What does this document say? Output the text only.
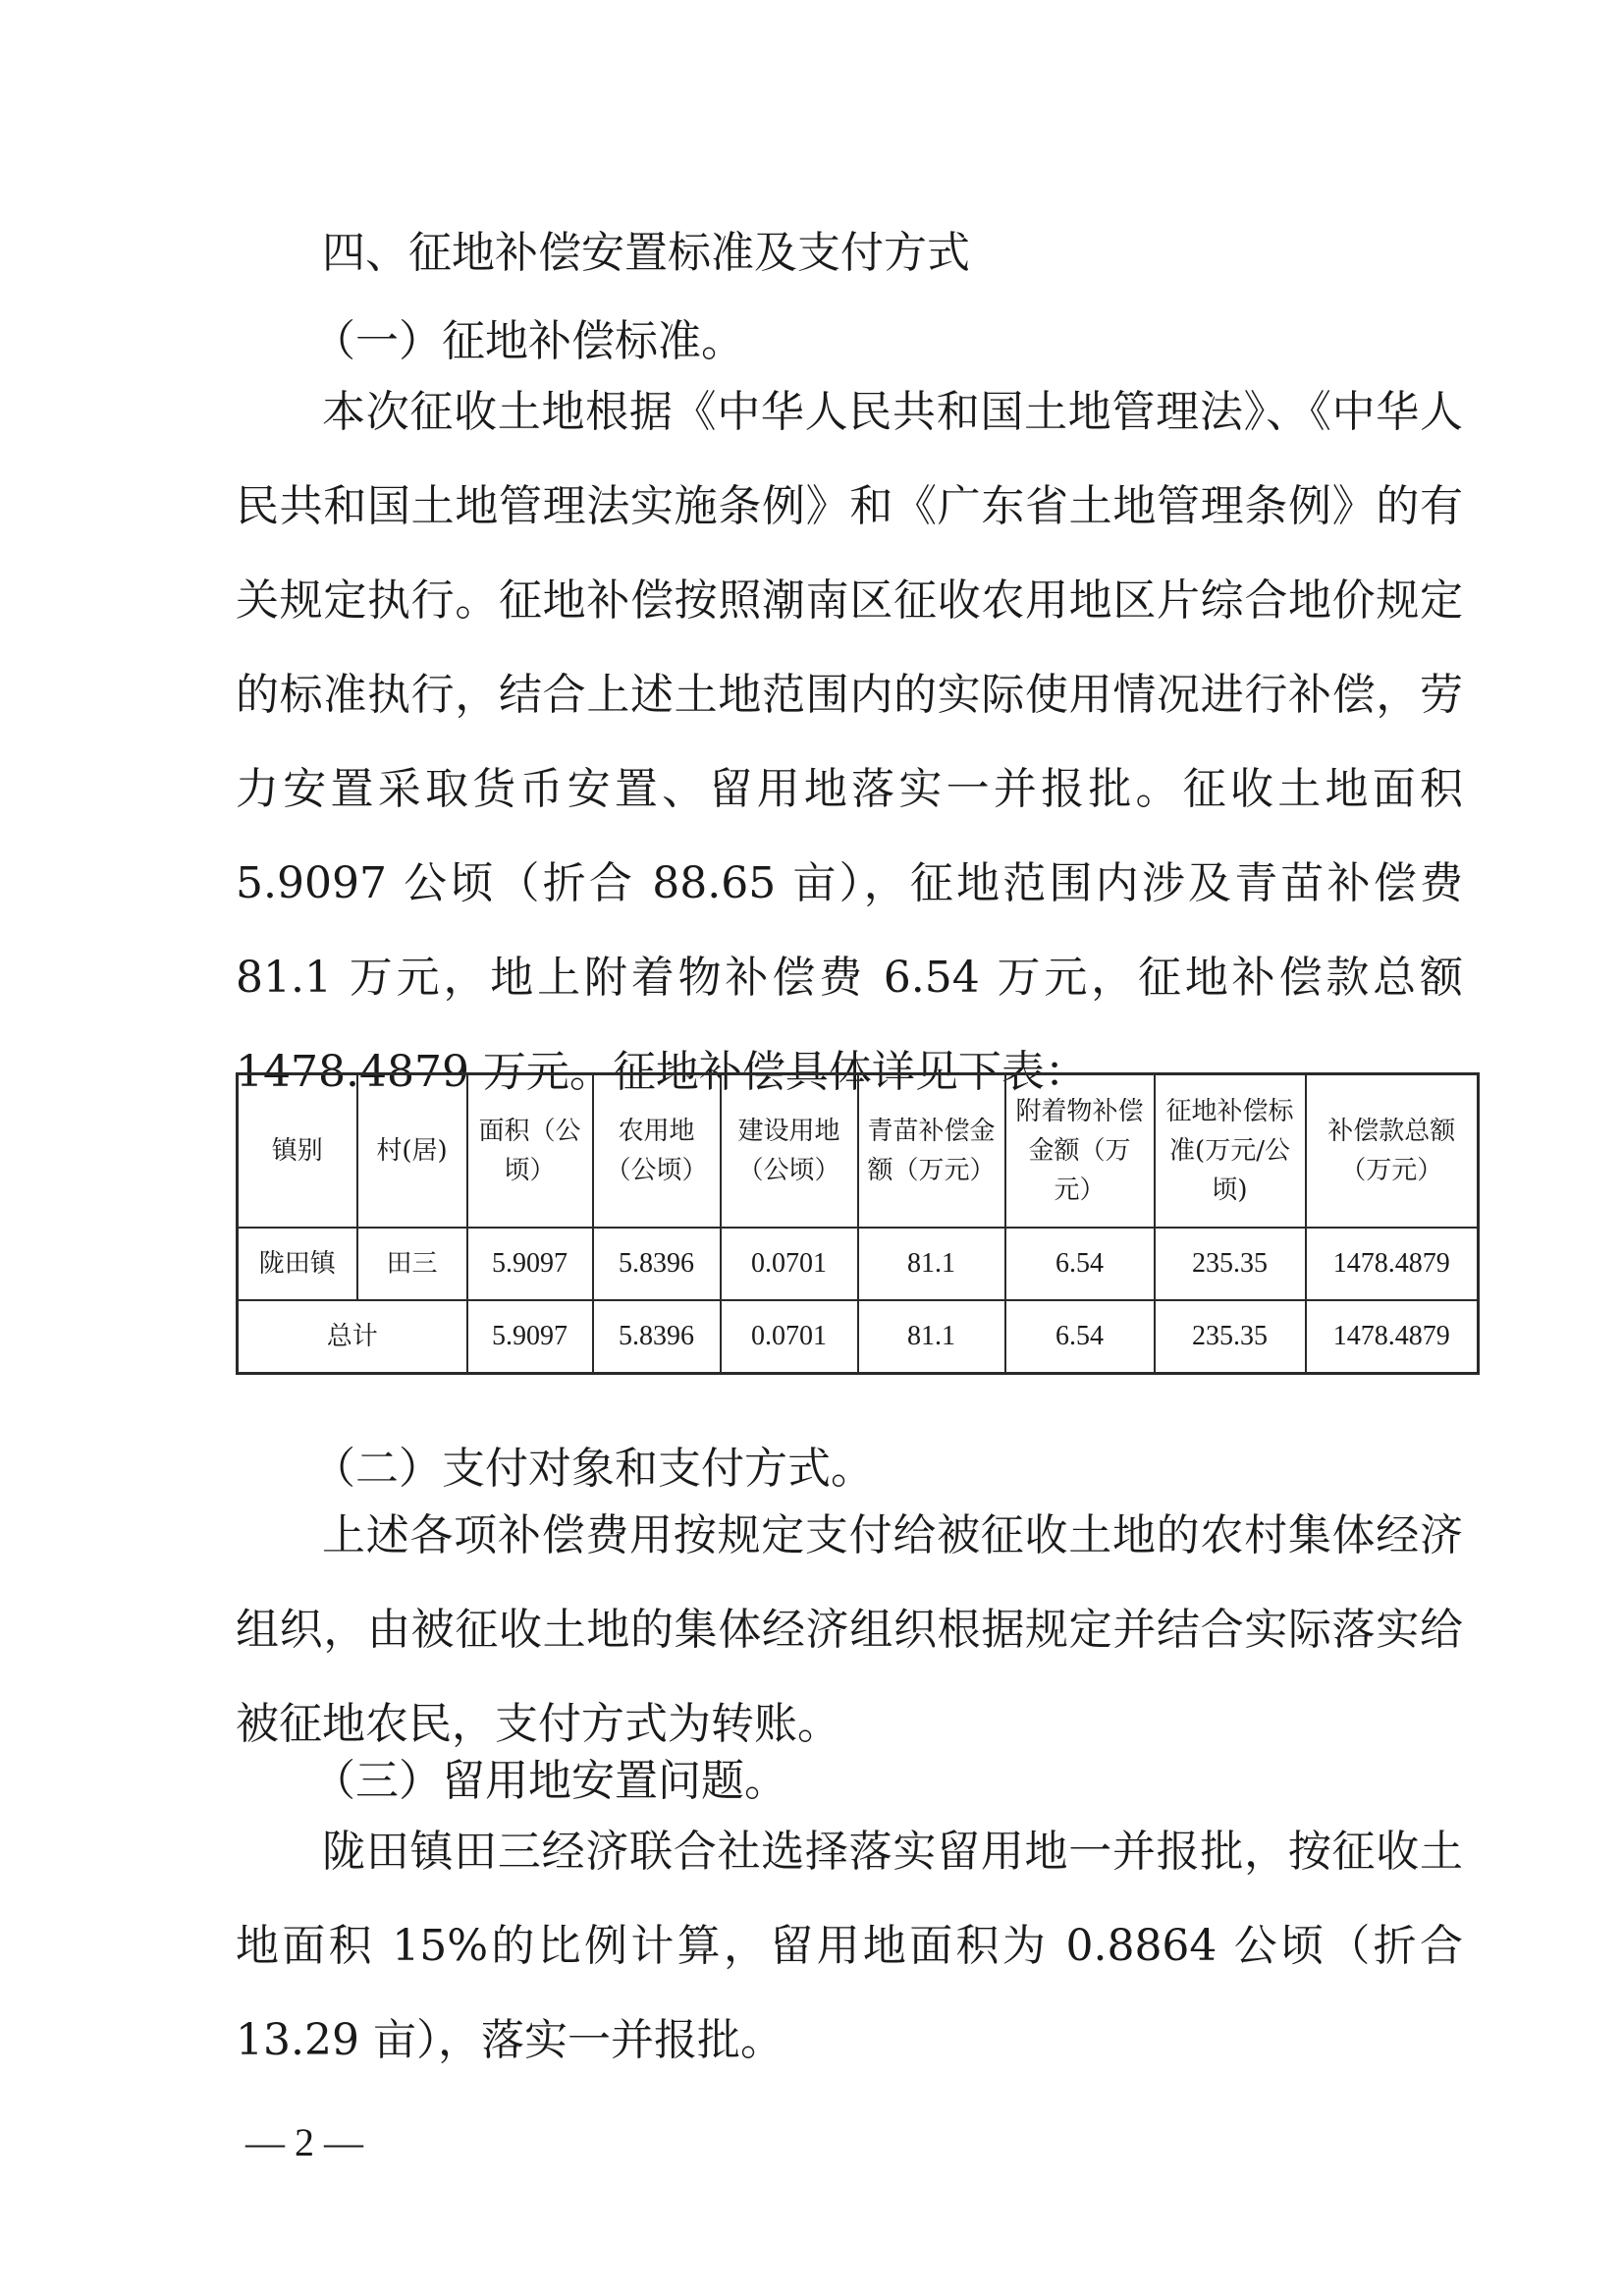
四、征地补偿安置标准及支付方式

（一）征地补偿标准。

本次征收土地根据《中华人民共和国土地管理法》、《中华人民共和国土地管理法实施条例》和《广东省土地管理条例》的有关规定执行。征地补偿按照潮南区征收农用地区片综合地价规定的标准执行，结合上述土地范围内的实际使用情况进行补偿，劳力安置采取货币安置、留用地落实一并报批。征收土地面积 5.9097 公顷（折合 88.65 亩），征地范围内涉及青苗补偿费 81.1 万元，地上附着物补偿费 6.54 万元，征地补偿款总额 1478.4879 万元。征地补偿具体详见下表：

镇别	村(居)	面积（公顷）	农用地（公顷）	建设用地（公顷）	青苗补偿金额（万元）	附着物补偿金额（万元）	征地补偿标准(万元/公顷)	补偿款总额（万元）
陇田镇	田三	5.9097	5.8396	0.0701	81.1	6.54	235.35	1478.4879
总计		5.9097	5.8396	0.0701	81.1	6.54	235.35	1478.4879

（二）支付对象和支付方式。

上述各项补偿费用按规定支付给被征收土地的农村集体经济组织，由被征收土地的集体经济组织根据规定并结合实际落实给被征地农民，支付方式为转账。

（三）留用地安置问题。

陇田镇田三经济联合社选择落实留用地一并报批，按征收土地面积 15%的比例计算，留用地面积为 0.8864 公顷（折合 13.29 亩），落实一并报批。

— 2 —
